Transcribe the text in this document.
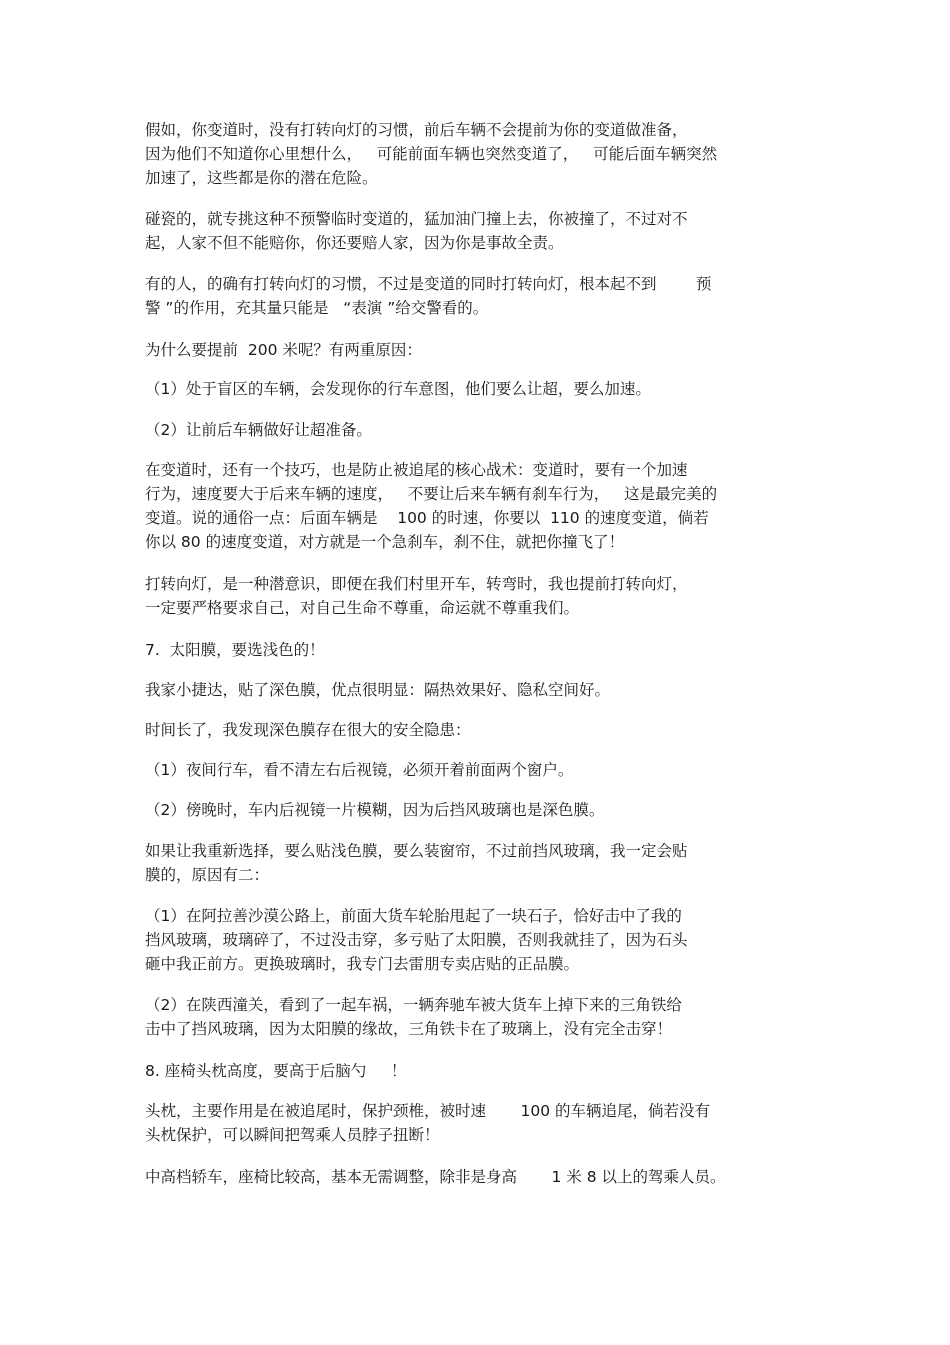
假如，你变道时，没有打转向灯的习惯，前后车辆不会提前为你的变道做准备，
因为他们不知道你心里想什么，   可能前面车辆也突然变道了，   可能后面车辆突然
加速了，这些都是你的潜在危险。
碰瓷的，就专挑这种不预警临时变道的，猛加油门撞上去，你被撞了，不过对不
起，人家不但不能赔你，你还要赔人家，因为你是事故全责。
有的人，的确有打转向灯的习惯，不过是变道的同时打转向灯，根本起不到        预
警 ”的作用，充其量只能是   “表演 ”给交警看的。
为什么要提前  200 米呢？有两重原因：
（1）处于盲区的车辆，会发现你的行车意图，他们要么让超，要么加速。
（2）让前后车辆做好让超准备。
在变道时，还有一个技巧，也是防止被追尾的核心战术：变道时，要有一个加速
行为，速度要大于后来车辆的速度，   不要让后来车辆有刹车行为，   这是最完美的
变道。说的通俗一点：后面车辆是    100 的时速，你要以  110 的速度变道，倘若
你以 80 的速度变道，对方就是一个急刹车，刹不住，就把你撞飞了！
打转向灯，是一种潜意识，即便在我们村里开车，转弯时，我也提前打转向灯，
一定要严格要求自己，对自己生命不尊重，命运就不尊重我们。
7.  太阳膜，要选浅色的！
我家小捷达，贴了深色膜，优点很明显：隔热效果好、隐私空间好。
时间长了，我发现深色膜存在很大的安全隐患：
（1）夜间行车，看不清左右后视镜，必须开着前面两个窗户。
（2）傍晚时，车内后视镜一片模糊，因为后挡风玻璃也是深色膜。
如果让我重新选择，要么贴浅色膜，要么装窗帘，不过前挡风玻璃，我一定会贴
膜的，原因有二：
（1）在阿拉善沙漠公路上，前面大货车轮胎甩起了一块石子，恰好击中了我的
挡风玻璃，玻璃碎了，不过没击穿，多亏贴了太阳膜，否则我就挂了，因为石头
砸中我正前方。更换玻璃时，我专门去雷朋专卖店贴的正品膜。
（2）在陕西潼关，看到了一起车祸，一辆奔驰车被大货车上掉下来的三角铁给
击中了挡风玻璃，因为太阳膜的缘故，三角铁卡在了玻璃上，没有完全击穿！
8. 座椅头枕高度，要高于后脑勺     ！
头枕，主要作用是在被追尾时，保护颈椎，被时速       100 的车辆追尾，倘若没有
头枕保护，可以瞬间把驾乘人员脖子扭断！
中高档轿车，座椅比较高，基本无需调整，除非是身高       1 米 8 以上的驾乘人员。
